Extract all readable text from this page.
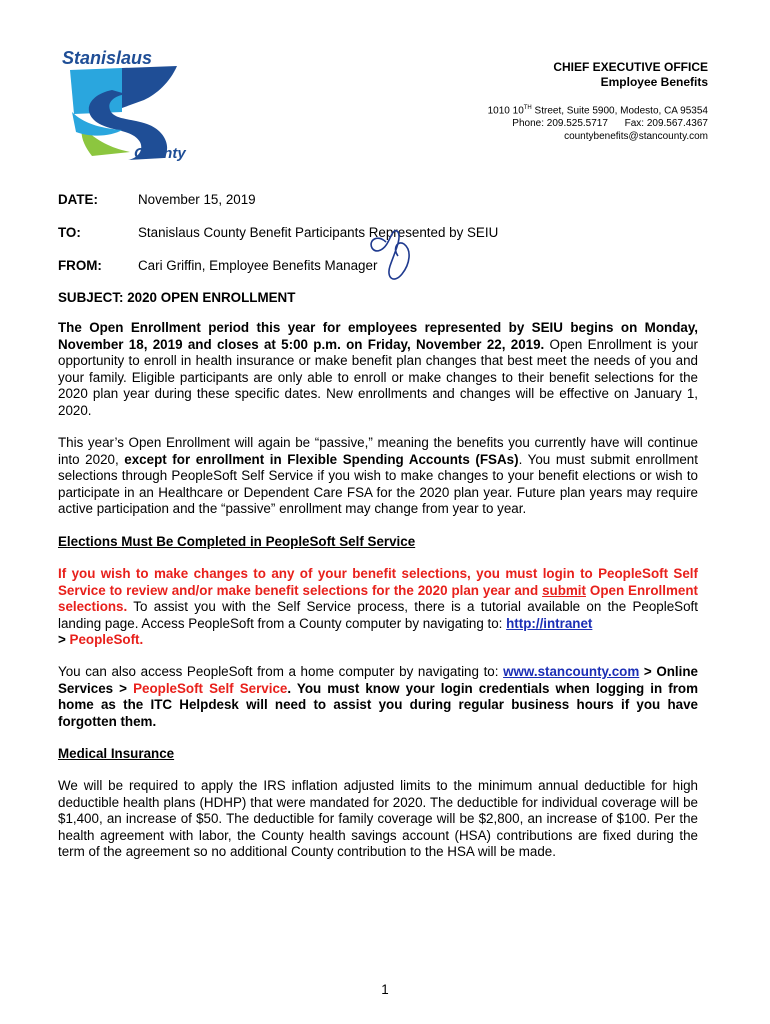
Stanislaus
County
CHIEF EXECUTIVE OFFICE
Employee Benefits
1010 10TH Street, Suite 5900, Modesto, CA 95354
Phone: 209.525.5717      Fax: 209.567.4367
countybenefits@stancounty.com
DATE:	November 15, 2019
TO:	Stanislaus County Benefit Participants Represented by SEIU
FROM:	Cari Griffin, Employee Benefits Manager
SUBJECT: 2020 OPEN ENROLLMENT

The Open Enrollment period this year for employees represented by SEIU begins on Monday, November 18, 2019 and closes at 5:00 p.m. on Friday, November 22, 2019. Open Enrollment is your opportunity to enroll in health insurance or make benefit plan changes that best meet the needs of you and your family. Eligible participants are only able to enroll or make changes to their benefit selections for the 2020 plan year during these specific dates. New enrollments and changes will be effective on January 1, 2020.

This year’s Open Enrollment will again be “passive,” meaning the benefits you currently have will continue into 2020, except for enrollment in Flexible Spending Accounts (FSAs). You must submit enrollment selections through PeopleSoft Self Service if you wish to make changes to your benefit elections or wish to participate in an Healthcare or Dependent Care FSA for the 2020 plan year. Future plan years may require active participation and the “passive” enrollment may change from year to year.

Elections Must Be Completed in PeopleSoft Self Service

If you wish to make changes to any of your benefit selections, you must login to PeopleSoft Self Service to review and/or make benefit selections for the 2020 plan year and submit Open Enrollment selections. To assist you with the Self Service process, there is a tutorial available on the PeopleSoft landing page. Access PeopleSoft from a County computer by navigating to: http://intranet
> PeopleSoft.

You can also access PeopleSoft from a home computer by navigating to: www.stancounty.com > Online Services > PeopleSoft Self Service. You must know your login credentials when logging in from home as the ITC Helpdesk will need to assist you during regular business hours if you have forgotten them.

Medical Insurance

We will be required to apply the IRS inflation adjusted limits to the minimum annual deductible for high deductible health plans (HDHP) that were mandated for 2020. The deductible for individual coverage will be $1,400, an increase of $50. The deductible for family coverage will be $2,800, an increase of $100. Per the health agreement with labor, the County health savings account (HSA) contributions are fixed during the term of the agreement so no additional County contribution to the HSA will be made.

1
